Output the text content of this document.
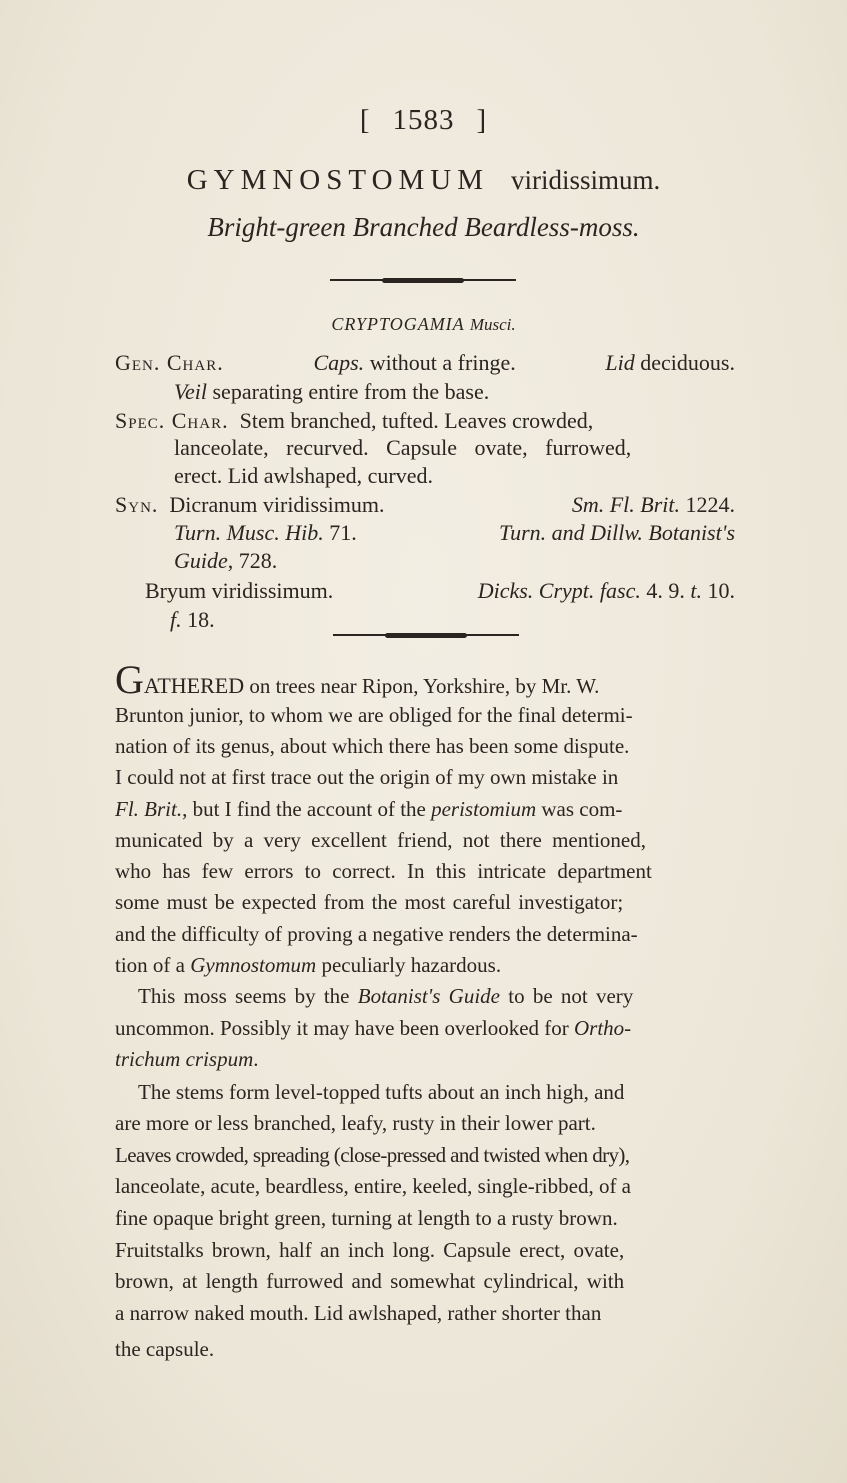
[ 1583 ]
GYMNOSTOMUM viridissimum.
Bright-green Branched Beardless-moss.
CRYPTOGAMIA Musci.
Gen. Char.	Caps. without a fringe.	Lid deciduous.
Veil separating entire from the base.
Spec. Char. Stem branched, tufted. Leaves crowded,
lanceolate, recurved. Capsule ovate, furrowed,
erect. Lid awlshaped, curved.
Syn. Dicranum viridissimum.	Sm. Fl. Brit. 1224.
Turn. Musc. Hib. 71.	Turn. and Dillw. Botanist's
Guide, 728.
Bryum viridissimum.	Dicks. Crypt. fasc. 4. 9. t. 10.
f. 18.
GATHERED on trees near Ripon, Yorkshire, by Mr. W.
Brunton junior, to whom we are obliged for the final determi-
nation of its genus, about which there has been some dispute.
I could not at first trace out the origin of my own mistake in
Fl. Brit., but I find the account of the peristomium was com-
municated by a very excellent friend, not there mentioned,
who has few errors to correct. In this intricate department
some must be expected from the most careful investigator;
and the difficulty of proving a negative renders the determina-
tion of a Gymnostomum peculiarly hazardous.
This moss seems by the Botanist's Guide to be not very
uncommon. Possibly it may have been overlooked for Ortho-
trichum crispum.
The stems form level-topped tufts about an inch high, and
are more or less branched, leafy, rusty in their lower part.
Leaves crowded, spreading (close-pressed and twisted when dry),
lanceolate, acute, beardless, entire, keeled, single-ribbed, of a
fine opaque bright green, turning at length to a rusty brown.
Fruitstalks brown, half an inch long. Capsule erect, ovate,
brown, at length furrowed and somewhat cylindrical, with
a narrow naked mouth. Lid awlshaped, rather shorter than
the capsule.
